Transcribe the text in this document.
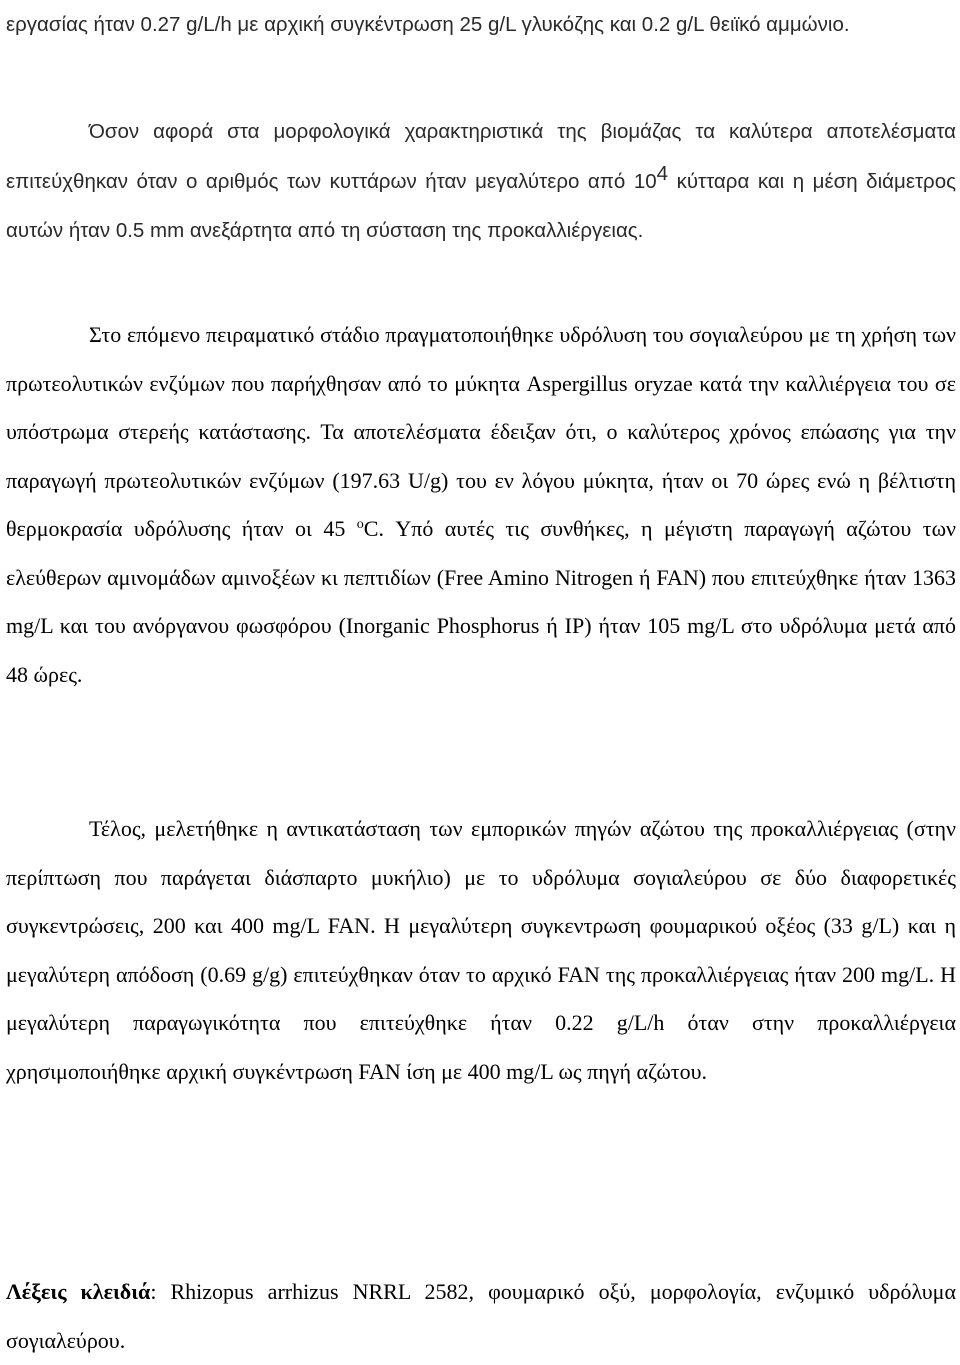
εργασίας ήταν 0.27 g/L/h με αρχική συγκέντρωση 25 g/L γλυκόζης και 0.2 g/L θειϊκό αμμώνιο.

Όσον αφορά στα μορφολογικά χαρακτηριστικά της βιομάζας τα καλύτερα αποτελέσματα επιτεύχθηκαν όταν ο αριθμός των κυττάρων ήταν μεγαλύτερο από $10^4$ κύτταρα και η μέση διάμετρος αυτών ήταν 0.5 mm ανεξάρτητα από τη σύσταση της προκαλλιέργειας.

Στο επόμενο πειραματικό στάδιο πραγματοποιήθηκε υδρόλυση του σογιαλεύρου με τη χρήση των πρωτεολυτικών ενζύμων που παρήχθησαν από το μύκητα Aspergillus oryzae κατά την καλλιέργεια του σε υπόστρωμα στερεής κατάστασης. Τα αποτελέσματα έδειξαν ότι, ο καλύτερος χρόνος επώασης για την παραγωγή πρωτεολυτικών ενζύμων (197.63 U/g) του εν λόγου μύκητα, ήταν οι 70 ώρες ενώ η βέλτιστη θερμοκρασία υδρόλυσης ήταν οι 45 $^o$C. Υπό αυτές τις συνθήκες, η μέγιστη παραγωγή αζώτου των ελεύθερων αμινομάδων αμινοξέων κι πεπτιδίων (Free Amino Nitrogen ή FAN) που επιτεύχθηκε ήταν 1363 mg/L και του ανόργανου φωσφόρου (Inorganic Phosphorus ή IP) ήταν 105 mg/L στο υδρόλυμα μετά από 48 ώρες.

Τέλος, μελετήθηκε η αντικατάσταση των εμπορικών πηγών αζώτου της προκαλλιέργειας (στην περίπτωση που παράγεται διάσπαρτο μυκήλιο) με το υδρόλυμα σογιαλεύρου σε δύο διαφορετικές συγκεντρώσεις, 200 και 400 mg/L FAN. Η μεγαλύτερη συγκεντρωση φουμαρικού οξέος (33 g/L) και η μεγαλύτερη απόδοση (0.69 g/g) επιτεύχθηκαν όταν το αρχικό FAN της προκαλλιέργειας ήταν 200 mg/L. Η μεγαλύτερη παραγωγικότητα που επιτεύχθηκε ήταν 0.22 g/L/h όταν στην προκαλλιέργεια χρησιμοποιήθηκε αρχική συγκέντρωση FAN ίση με 400 mg/L ως πηγή αζώτου.

Λέξεις κλειδιά: Rhizopus arrhizus NRRL 2582, φουμαρικό οξύ, μορφολογία, ενζυμικό υδρόλυμα σογιαλεύρου.
